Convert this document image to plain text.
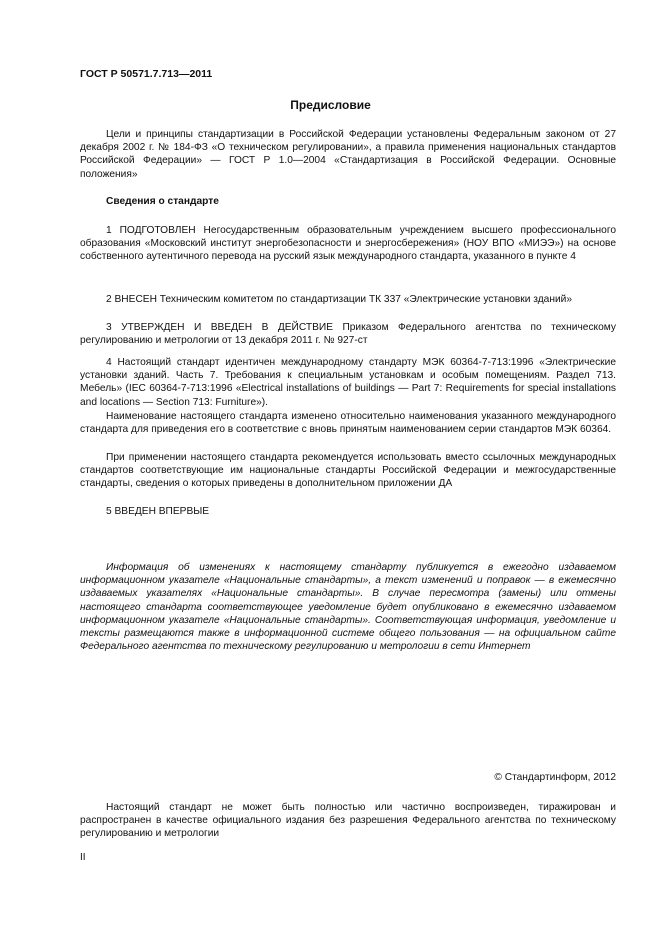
ГОСТ Р 50571.7.713—2011
Предисловие

Цели и принципы стандартизации в Российской Федерации установлены Федеральным законом от 27 декабря 2002 г. № 184-ФЗ «О техническом регулировании», а правила применения национальных стандартов Российской Федерации» — ГОСТ Р 1.0—2004 «Стандартизация в Российской Федерации. Основные положения»

Сведения о стандарте

1 ПОДГОТОВЛЕН Негосударственным образовательным учреждением высшего профессионального образования «Московский институт энергобезопасности и энергосбережения» (НОУ ВПО «МИЭЭ») на основе собственного аутентичного перевода на русский язык международного стандарта, указанного в пункте 4

2 ВНЕСЕН Техническим комитетом по стандартизации ТК 337 «Электрические установки зданий»

3 УТВЕРЖДЕН И ВВЕДЕН В ДЕЙСТВИЕ Приказом Федерального агентства по техническому регулированию и метрологии от 13 декабря 2011 г. № 927-ст

4 Настоящий стандарт идентичен международному стандарту МЭК 60364-7-713:1996 «Электрические установки зданий. Часть 7. Требования к специальным установкам и особым помещениям. Раздел 713. Мебель» (IEC 60364-7-713:1996 «Electrical installations of buildings — Part 7: Requirements for special installations and locations — Section 713: Furniture»).

Наименование настоящего стандарта изменено относительно наименования указанного международного стандарта для приведения его в соответствие с вновь принятым наименованием серии стандартов МЭК 60364.

При применении настоящего стандарта рекомендуется использовать вместо ссылочных международных стандартов соответствующие им национальные стандарты Российской Федерации и межгосударственные стандарты, сведения о которых приведены в дополнительном приложении ДА

5 ВВЕДЕН ВПЕРВЫЕ

Информация об изменениях к настоящему стандарту публикуется в ежегодно издаваемом информационном указателе «Национальные стандарты», а текст изменений и поправок — в ежемесячно издаваемых указателях «Национальные стандарты». В случае пересмотра (замены) или отмены настоящего стандарта соответствующее уведомление будет опубликовано в ежемесячно издаваемом информационном указателе «Национальные стандарты». Соответствующая информация, уведомление и тексты размещаются также в информационной системе общего пользования — на официальном сайте Федерального агентства по техническому регулированию и метрологии в сети Интернет

© Стандартинформ, 2012

Настоящий стандарт не может быть полностью или частично воспроизведен, тиражирован и распространен в качестве официального издания без разрешения Федерального агентства по техническому регулированию и метрологии

II
